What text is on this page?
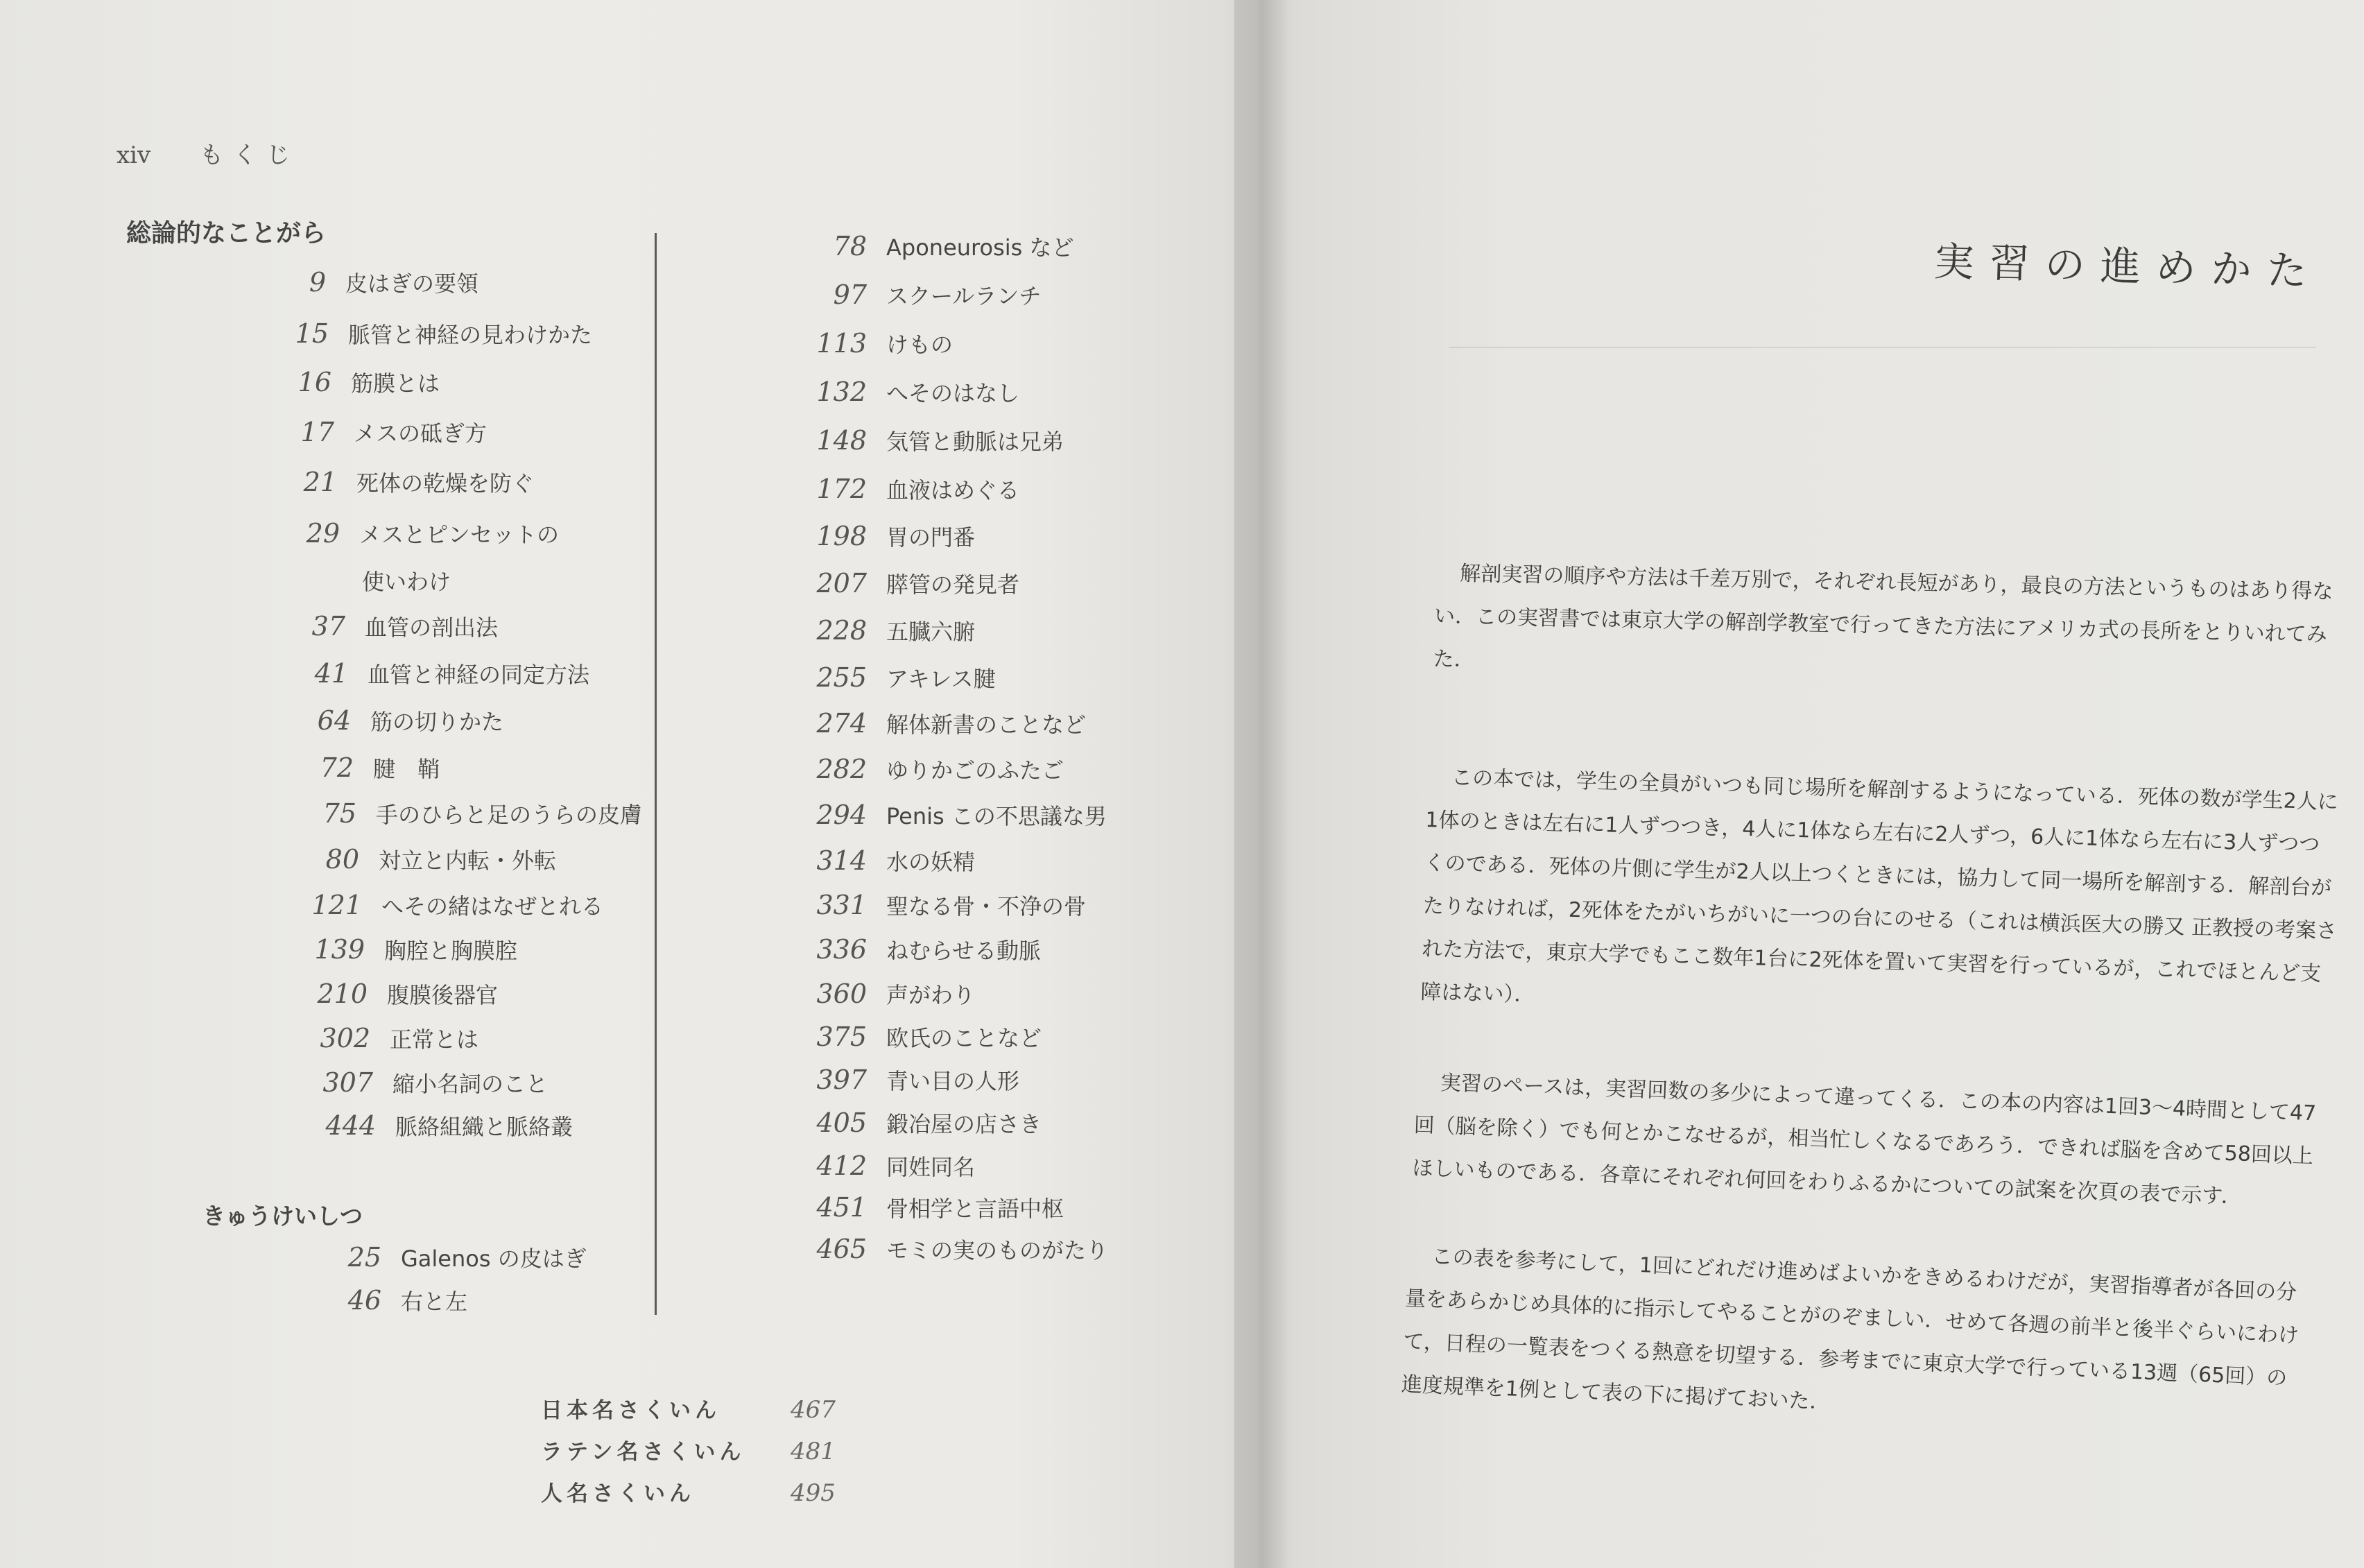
xiv もくじ
総論的なことがら
9 皮はぎの要領
15 脈管と神経の見わけかた
16 筋膜とは
17 メスの砥ぎ方
21 死体の乾燥を防ぐ
29 メスとピンセットの
使いわけ
37 血管の剖出法
41 血管と神経の同定方法
64 筋の切りかた
72 腱　鞘
75 手のひらと足のうらの皮膚
80 対立と内転・外転
121 へその緒はなぜとれる
139 胸腔と胸膜腔
210 腹膜後器官
302 正常とは
307 縮小名詞のこと
444 脈絡組織と脈絡叢
きゅうけいしつ
25 Galenos の皮はぎ
46 右と左
78 Aponeurosis など
97 スクールランチ
113 けもの
132 へそのはなし
148 気管と動脈は兄弟
172 血液はめぐる
198 胃の門番
207 膵管の発見者
228 五臓六腑
255 アキレス腱
274 解体新書のことなど
282 ゆりかごのふたご
294 Penis この不思議な男
314 水の妖精
331 聖なる骨・不浄の骨
336 ねむらせる動脈
360 声がわり
375 欧氏のことなど
397 青い目の人形
405 鍛冶屋の店さき
412 同姓同名
451 骨相学と言語中枢
465 モミの実のものがたり
日本名さくいん	467
ラテン名さくいん 481
人名さくいん	495
実習の進めかた
解剖実習の順序や方法は千差万別で，それぞれ長短があり，最良の方法というものはあり得ない．この実習書では東京大学の解剖学教室で行ってきた方法にアメリカ式の長所をとりいれてみた．
この本では，学生の全員がいつも同じ場所を解剖するようになっている．死体の数が学生2人に1体のときは左右に1人ずつつき，4人に1体なら左右に2人ずつ，6人に1体なら左右に3人ずつつくのである．死体の片側に学生が2人以上つくときには，協力して同一場所を解剖する．解剖台がたりなければ，2死体をたがいちがいに一つの台にのせる（これは横浜医大の勝又 正教授の考案された方法で，東京大学でもここ数年1台に2死体を置いて実習を行っているが，これでほとんど支障はない）．
実習のペースは，実習回数の多少によって違ってくる．この本の内容は1回3～4時間として47回（脳を除く）でも何とかこなせるが，相当忙しくなるであろう．できれば脳を含めて58回以上ほしいものである．各章にそれぞれ何回をわりふるかについての試案を次頁の表で示す．
この表を参考にして，1回にどれだけ進めばよいかをきめるわけだが，実習指導者が各回の分量をあらかじめ具体的に指示してやることがのぞましい．せめて各週の前半と後半ぐらいにわけて，日程の一覧表をつくる熱意を切望する．参考までに東京大学で行っている13週（65回）の進度規準を1例として表の下に掲げておいた．
